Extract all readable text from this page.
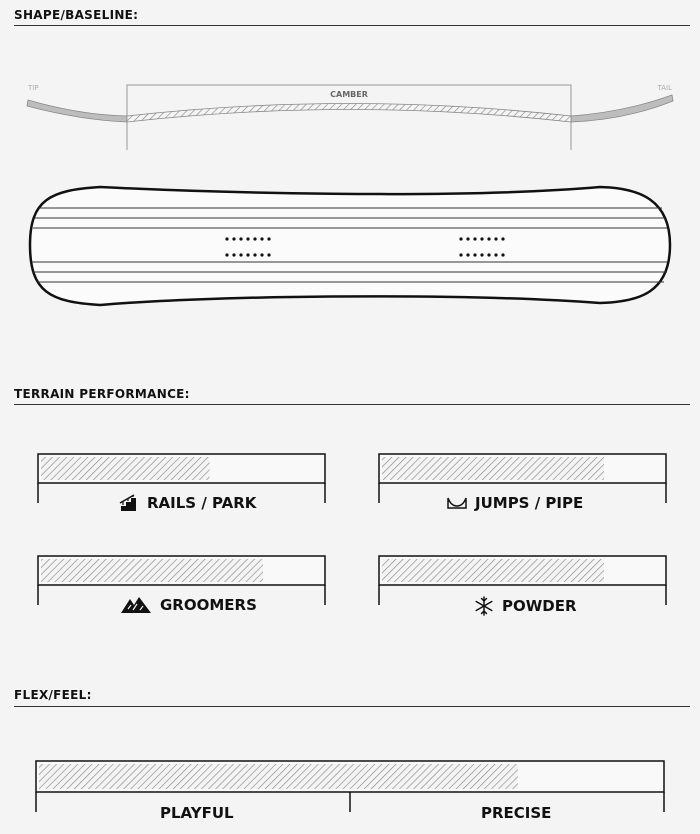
SHAPE/BASELINE:
TERRAIN PERFORMANCE:
FLEX/FEEL:
TIP	TAIL
CAMBER
RAILS / PARK	JUMPS / PIPE
GROOMERS	POWDER
PLAYFUL	PRECISE
